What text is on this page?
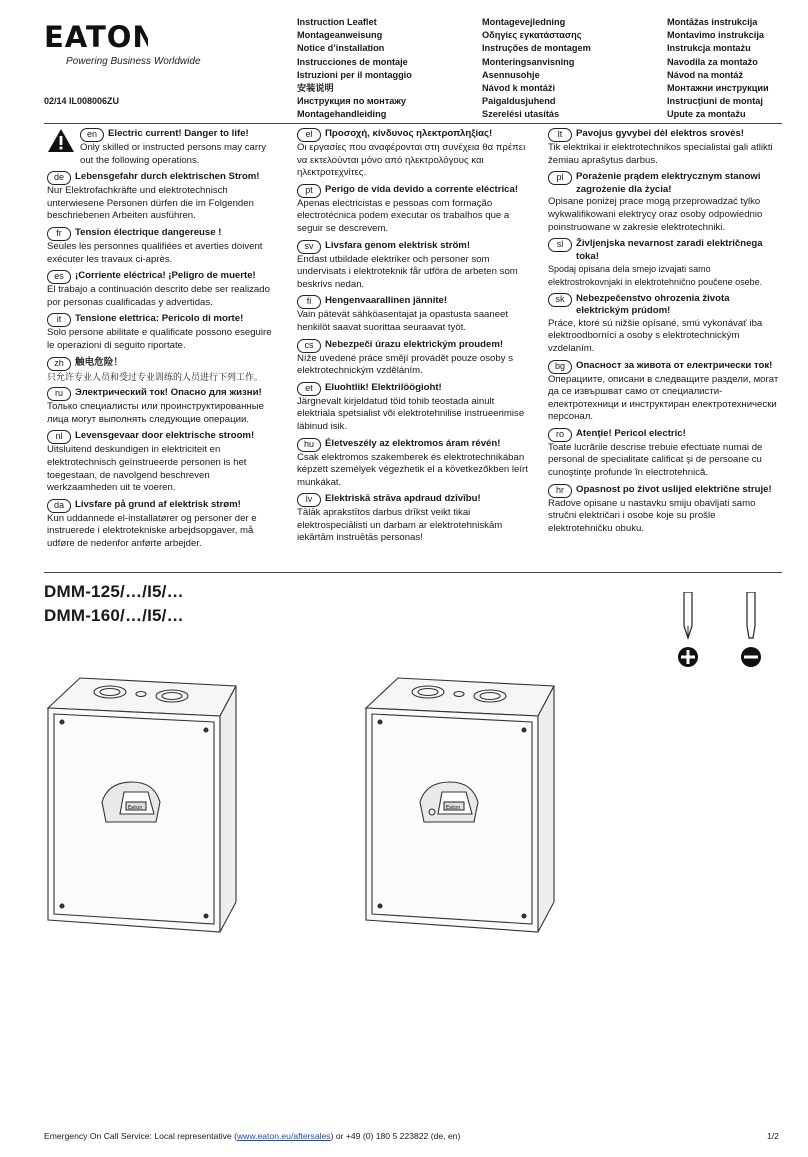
EATON
Powering Business Worldwide
02/14 IL008006ZU
Instruction Leaflet
Montageanweisung
Notice d’installation
Instrucciones de montaje
Istruzioni per il montaggio
安装说明
Инструкция по монтажу
Montagehandleiding
Montagevejledning
Οδηγίες εγκατάστασης
Instruções de montagem
Monteringsanvisning
Asennusohje
Návod k montáži
Paigaldusjuhend
Szerelési utasítás
Montāžas instrukcija
Montavimo instrukcija
Instrukcja montażu
Navodila za montažo
Návod na montáž
Монтажни инструкции
Instrucţiuni de montaj
Upute za montažu
en	Electric current! Danger to life!
Only skilled or instructed persons may carry out the following operations.
de	Lebensgefahr durch elektrischen Strom!
Nur Elektrofachkräfte und elektrotechnisch unterwiesene Personen dürfen die im Folgenden beschriebenen Arbeiten ausführen.
fr	Tension électrique dangereuse !
Seules les personnes qualifiées et averties doivent exécuter les travaux ci-après.
es	¡Corriente eléctrica! ¡Peligro de muerte!
El trabajo a continuación descrito debe ser realizado por personas cualificadas y advertidas.
it	Tensione elettrica: Pericolo di morte!
Solo persone abilitate e qualificate possono eseguire le operazioni di seguito riportate.
zh	触电危险！
只允许专业人员和受过专业训练的人员进行下列工作。
ru	Электрический ток! Опасно для жизни!
Только специалисты или проинструктированные лица могут выполнять следующие операции.
nl	Levensgevaar door elektrische stroom!
Uitsluitend deskundigen in elektriciteit en elektrotechnisch geïnstrueerde personen is het toegestaan, de navolgend beschreven werkzaamheden uit te voeren.
da	Livsfare på grund af elektrisk strøm!
Kun uddannede el-installatører og personer der e instruerede i elektrotekniske arbejdsopgaver, må udføre de nedenfor anførte arbejder.
el	Προσοχή, κίνδυνος ηλεκτροπληξίας!
Οι εργασίες που αναφέρονται στη συνέχεια θα πρέπει να εκτελούνται μόνο από ηλεκτρολόγους και ηλεκτροτεχνίτες.
pt	Perigo de vida devido a corrente eléctrica!
Apenas electricistas e pessoas com formação electrotécnica podem executar os trabalhos que a seguir se descrevem.
sv	Livsfara genom elektrisk ström!
Endast utbildade elektriker och personer som undervisats i elektroteknik får utföra de arbeten som beskrivs nedan.
fi	Hengenvaarallinen jännite!
Vain pätevät sähköasentajat ja opastusta saaneet henkilöt saavat suorittaa seuraavat työt.
cs	Nebezpečí úrazu elektrickým proudem!
Níže uvedené práce smějí provádět pouze osoby s elektrotechnickým vzděláním.
et	Eluohtlik! Elektrilöögioht!
Järgnevalt kirjeldatud töid tohib teostada ainult elektriala spetsialist või elektrotehnilise instrueerimise läbinud isik.
hu	Életveszély az elektromos áram révén!
Csak elektromos szakemberek és elektrotechnikában képzett személyek végezhetik el a következőkben leírt munkákat.
lv	Elektriskā strāva apdraud dzīvību!
Tālāk aprakstītos darbus drīkst veikt tikai elektrospeciālisti un darbam ar elektrotehniskām iekārtām instruētās personas!
lt	Pavojus gyvybei dėl elektros srovės!
Tik elektrikai ir elektrotechnikos specialistai gali atlikti žemiau aprašytus darbus.
pl	Porażenie prądem elektrycznym stanowi zagrożenie dla życia!
Opisane poniżej prace mogą przeprowadzać tylko wykwalifikowani elektrycy oraz osoby odpowiednio poinstruowane w zakresie elektrotechniki.
sl	Življenjska nevarnost zaradi električnega toka!
Spodaj opisana dela smejo izvajati samo elektrostrokovnjaki in elektrotehnično poučene osebe.
sk	Nebezpečenstvo ohrozenia života elektrickým prúdom!
Práce, ktoré sú nižšie opísané, smú vykonávať iba elektroodborníci a osoby s elektrotechnickým vzdelaním.
bg	Опасност за живота от електрически ток!
Операциите, описани в следващите раздели, могат да се извършват само от специалисти-електротехници и инструктиран електротехнически персонал.
ro	Atenţie! Pericol electric!
Toate lucrările descrise trebuie efectuate numai de personal de specialitate calificat şi de persoane cu cunoştinţe profunde în electrotehnică.
hr	Opasnost po život uslijed električne struje!
Radove opisane u nastavku smiju obavljati samo stručni električari i osobe koje su prošle elektrotehničku obuku.
DMM-125/…/I5/…
DMM-160/…/I5/…
Eaton	Eaton
Emergency On Call Service: Local representative (www.eaton.eu/aftersales) or +49 (0) 180 5 223822 (de, en)	1/2
